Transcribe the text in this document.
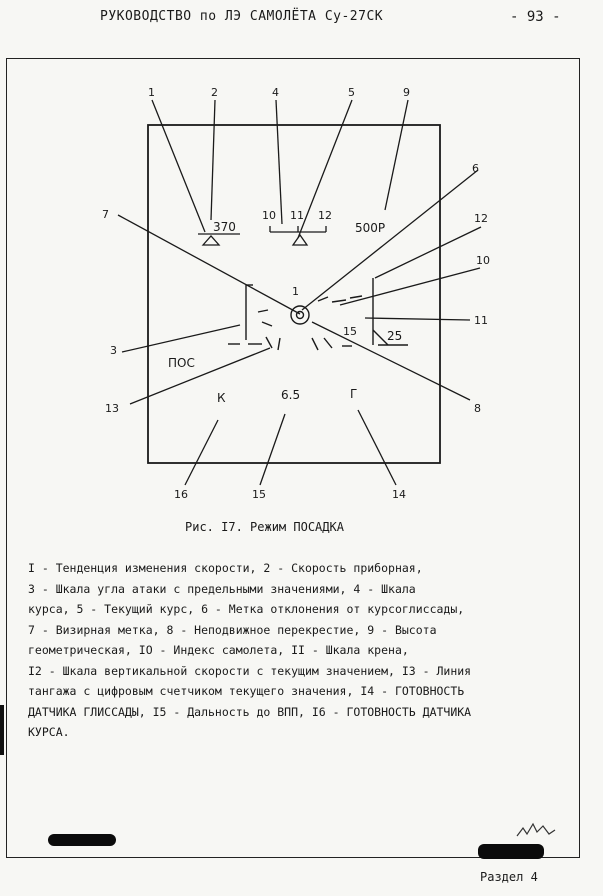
РУКОВОДСТВО по ЛЭ САМОЛЁТА Су-27СК	- 93 -
1	2	4	5	9
6
7	12
10
3
11
13	8
16	15	14
370
10 11 12
500Р
1
15	25
ПОС
К	6.5	Г
Рис. I7. Режим ПОСАДКА
I - Тенденция изменения скорости, 2 - Скорость приборная,
3 - Шкала угла атаки с предельными значениями, 4 - Шкала
курса, 5 - Текущий курс, 6 - Метка отклонения от курсоглиссады,
7 - Визирная метка, 8 - Неподвижное перекрестие, 9 - Высота
геометрическая, IO - Индекс самолета, II - Шкала крена,
I2 - Шкала вертикальной скорости с текущим значением, I3 - Линия
тангажа с цифровым счетчиком текущего значения, I4 - ГОТОВНОСТЬ
ДАТЧИКА ГЛИССАДЫ, I5 - Дальность до ВПП, I6 - ГОТОВНОСТЬ ДАТЧИКА
КУРСА.
Раздел 4
